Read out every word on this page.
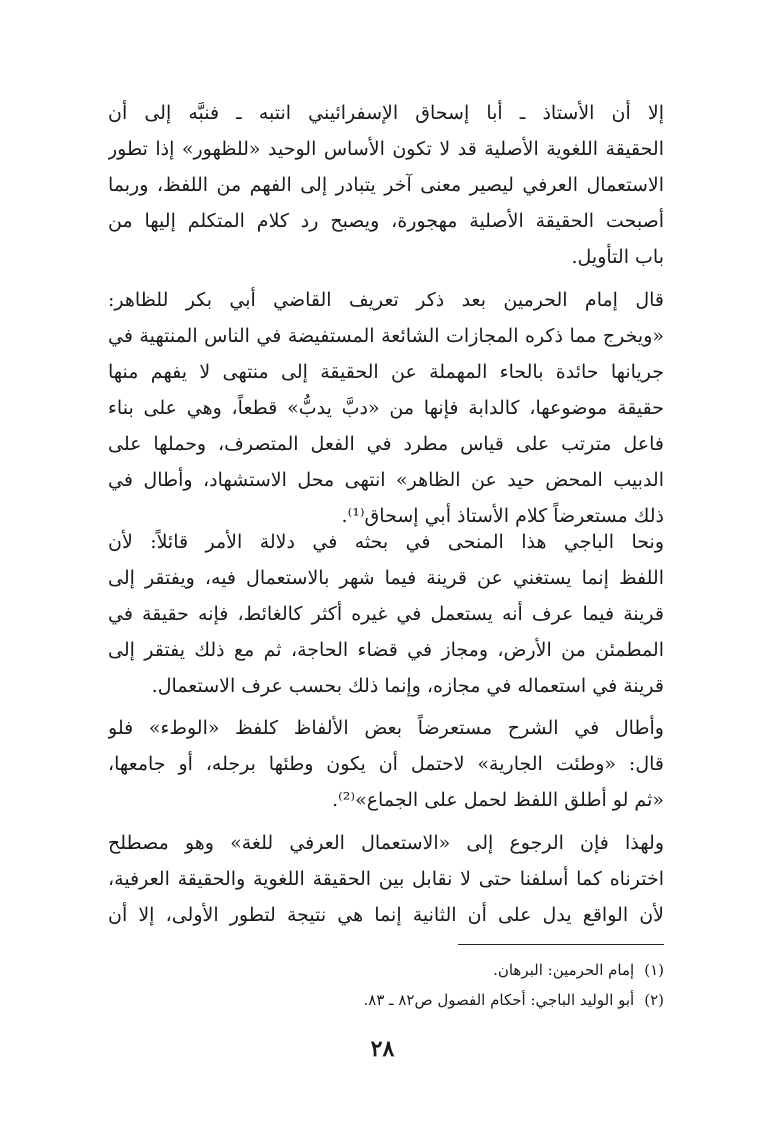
إلا أن الأستاذ ـ أبا إسحاق الإسفرائيني انتبه ـ فنبَّه إلى أن
الحقيقة اللغوية الأصلية قد لا تكون الأساس الوحيد «للظهور» إذا تطور
الاستعمال العرفي ليصير معنى آخر يتبادر إلى الفهم من اللفظ، وربما
أصبحت الحقيقة الأصلية مهجورة، ويصبح رد كلام المتكلم إليها من
باب التأويل.
قال إمام الحرمين بعد ذكر تعريف القاضي أبي بكر للظاهر:
«ويخرج مما ذكره المجازات الشائعة المستفيضة في الناس المنتهية في
جريانها حائدة بالحاء المهملة عن الحقيقة إلى منتهى لا يفهم منها
حقيقة موضوعها، كالدابة فإنها من «دبَّ يدبُّ» قطعاً، وهي على بناء
فاعل مترتب على قياس مطرد في الفعل المتصرف، وحملها على
الدبيب المحض حيد عن الظاهر» انتهى محل الاستشهاد، وأطال في
ذلك مستعرضاً كلام الأستاذ أبي إسحاق⁽¹⁾.
ونحا الباجي هذا المنحى في بحثه في دلالة الأمر قائلاً: لأن
اللفظ إنما يستغني عن قرينة فيما شهر بالاستعمال فيه، ويفتقر إلى
قرينة فيما عرف أنه يستعمل في غيره أكثر كالغائط، فإنه حقيقة في
المطمئن من الأرض، ومجاز في قضاء الحاجة، ثم مع ذلك يفتقر إلى
قرينة في استعماله في مجازه، وإنما ذلك بحسب عرف الاستعمال.
وأطال في الشرح مستعرضاً بعض الألفاظ كلفظ «الوطء» فلو
قال: «وطئت الجارية» لاحتمل أن يكون وطئها برجله، أو جامعها،
«ثم لو أطلق اللفظ لحمل على الجماع»⁽²⁾.
ولهذا فإن الرجوع إلى «الاستعمال العرفي للغة» وهو مصطلح
اخترناه كما أسلفنا حتى لا نقابل بين الحقيقة اللغوية والحقيقة العرفية،
لأن الواقع يدل على أن الثانية إنما هي نتيجة لتطور الأولى، إلا أن
(١)إمام الحرمين: البرهان.
(٢)أبو الوليد الباجي: أحكام الفصول ص٨٢ ـ ٨٣.
٢٨
